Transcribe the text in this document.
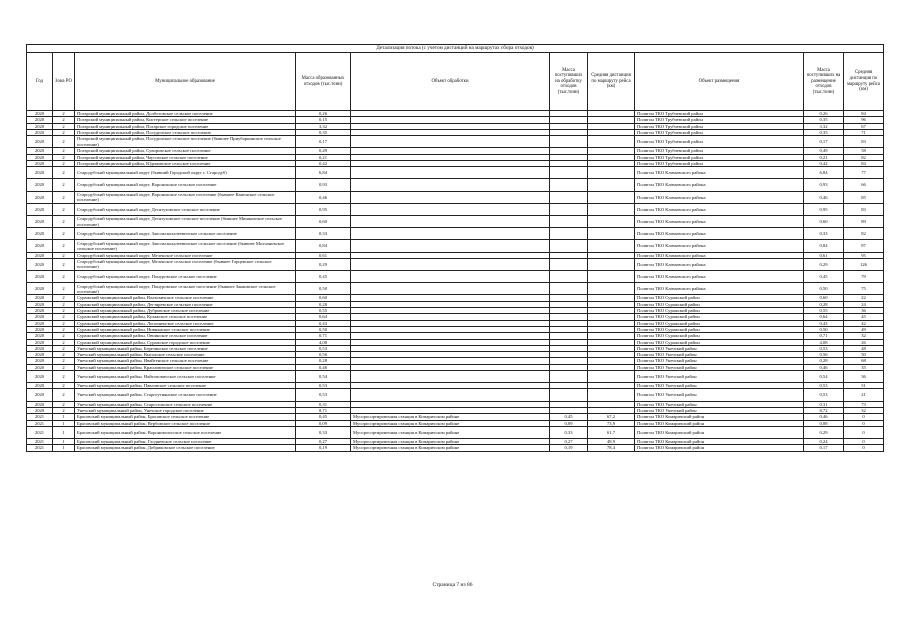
Детализация потока (с учетом дистанций на маршрутах сбора отходов)									
Год	Зона РО	Муниципальное образование	Масса образованных отходов (тыс.тонн)	Объект обработки	Масса поступивших на обработку отходов (тыс.тонн)	Средняя дистанция по маршруту рейса (км)	Объект размещения	Масса поступивших на размещение отходов (тыс.тонн)	Средняя дистанция по маршруту рейса (км)
2020	2	Погарский муниципальный район, Долботовское сельское поселение	0,26				Полигон ТКО Трубчевский район	0,26	84
2020	2	Погарский муниципальный район, Кистерское сельское поселение	0,15				Полигон ТКО Трубчевский район	0,35	96
2020	2	Погарский муниципальный район, Погарское городское поселение	3,32				Полигон ТКО Трубчевский район	3,32	67
2020	2	Погарский муниципальный район, Посудичское сельское поселение	0,35				Полигон ТКО Трубчевский район	0,35	71
2020	2	Погарский муниципальный район, Посудичское сельское поселение (бывшее Приуборкинское сельское поселение)	0,17				Полигон ТКО Трубчевский район	0,17	83
2020	2	Погарский муниципальный район, Суворовское сельское поселение	0,49				Полигон ТКО Трубчевский район	0,49	58
2020	2	Погарский муниципальный район, Чаусовское сельское поселение	0,21				Полигон ТКО Трубчевский район	0,21	82
2020	2	Погарский муниципальный район, Юдиновское сельское поселение	0,42				Полигон ТКО Трубчевский район	0,42	84
2020	2	Стародубский муниципальный округ (бывший Городской округ г. Стародуб)	6,84				Полигон ТКО Климовского района	6,84	77
2020	2	Стародубский муниципальный округ, Воронокское сельское поселение	0,93				Полигон ТКО Климовского района	0,93	66
2020	2	Стародубский муниципальный округ, Воронокское сельское поселение (бывшее Каменское сельское поселение)	0,46				Полигон ТКО Климовского района	0,46	85
2020	2	Стародубский муниципальный округ, Десятуховское сельское поселение	0,95				Полигон ТКО Климовского района	0,95	83
2020	2	Стародубский муниципальный округ, Десятуховское сельское поселение (бывшее Мишковское сельское поселение)	0,60				Полигон ТКО Климовского района	0,60	89
2020	2	Стародубский муниципальный округ, Запольскохалеевичское сельское поселение	0,33				Полигон ТКО Климовского района	0,33	82
2020	2	Стародубский муниципальный округ, Запольскохалеевичское сельское поселение (бывшее Молчановское сельское поселение)	0,84				Полигон ТКО Климовского района	0,84	87
2020	2	Стародубский муниципальный округ, Меленское сельское поселение	0,61				Полигон ТКО Климовского района	0,61	95
2020	2	Стародубский муниципальный округ, Меленское сельское поселение (бывшее Гарцевское сельское поселение)	0,29				Полигон ТКО Климовского района	0,29	126
2020	2	Стародубский муниципальный округ, Понуровское сельское поселение	0,45				Полигон ТКО Климовского района	0,45	79
2020	2	Стародубский муниципальный округ, Понуровское сельское поселение (бывшее Занковское сельское поселение)	0,50				Полигон ТКО Климовского района	0,50	75
2020	2	Суражский муниципальный район, Влазовичское сельское поселение	0,60				Полигон ТКО Суражский район	0,60	22
2020	2	Суражский муниципальный район, Дегтяревское сельское поселение	0,28				Полигон ТКО Суражский район	0,28	24
2020	2	Суражский муниципальный район, Дубровское сельское поселение	0,55				Полигон ТКО Суражский район	0,55	36
2020	2	Суражский муниципальный район, Кулажское сельское поселение	0,64				Полигон ТКО Суражский район	0,64	45
2020	2	Суражский муниципальный район, Лопазненское сельское поселение	0,43				Полигон ТКО Суражский район	0,43	42
2020	2	Суражский муниципальный район, Нивнянское сельское поселение	0,50				Полигон ТКО Суражский район	0,50	49
2020	2	Суражский муниципальный район, Овчинское сельское поселение	0,71				Полигон ТКО Суражский район	0,71	32
2020	2	Суражский муниципальный район, Суражское городское поселение	4,08				Полигон ТКО Суражский район	4,08	26
2020	2	Унечский муниципальный район, Березинское сельское поселение	0,53				Полигон ТКО Унечский район	0,53	48
2020	2	Унечский муниципальный район, Высокское сельское поселение	0,56				Полигон ТКО Унечский район	0,56	50
2020	2	Унечский муниципальный район, Ивайтенское сельское поселение	0,28				Полигон ТКО Унечский район	0,28	68
2020	2	Унечский муниципальный район, Красновичское сельское поселение	0,46				Полигон ТКО Унечский район	0,46	35
2020	2	Унечский муниципальный район, Найтоповичское сельское поселение	0,54				Полигон ТКО Унечский район	0,54	36
2020	2	Унечский муниципальный район, Павловское сельское поселение	0,53				Полигон ТКО Унечский район	0,53	51
2020	2	Унечский муниципальный район, Старогутнянское сельское поселение	0,53				Полигон ТКО Унечский район	0,53	21
2020	2	Унечский муниципальный район, Старосельское сельское поселение	0,31				Полигон ТКО Унечский район	0,31	73
2020	2	Унечский муниципальный район, Унечское городское поселение	8,71				Полигон ТКО Унечский район	8,72	32
2021	1	Брасовский муниципальный район, Брасовское сельское поселение	0,45	Мусоросортировочная станция в Комаричском районе	0,45	67,2	Полигон ТКО Комаричский район	0,46	0
2021	1	Брасовский муниципальный район, Вербовское сельское поселение	0,09	Мусоросортировочная станция в Комаричском районе	0,09	73,9	Полигон ТКО Комаричский район	0,08	0
2021	1	Брасовский муниципальный район, Вороновологское сельское поселение	0,33	Мусоросортировочная станция в Комаричском районе	0,33	61,7	Полигон ТКО Комаричский район	0,29	0
2021	1	Брасовский муниципальный район, Глодневское сельское поселение	0,27	Мусоросортировочная станция в Комаричском районе	0,27	48,9	Полигон ТКО Комаричский район	0,24	0
2021	1	Брасовский муниципальный район, Добриковское сельское поселение	0,19	Мусоросортировочная станция в Комаричском районе	0,19	78,4	Полигон ТКО Комаричский район	0,17	0
Страница 7 из 86
